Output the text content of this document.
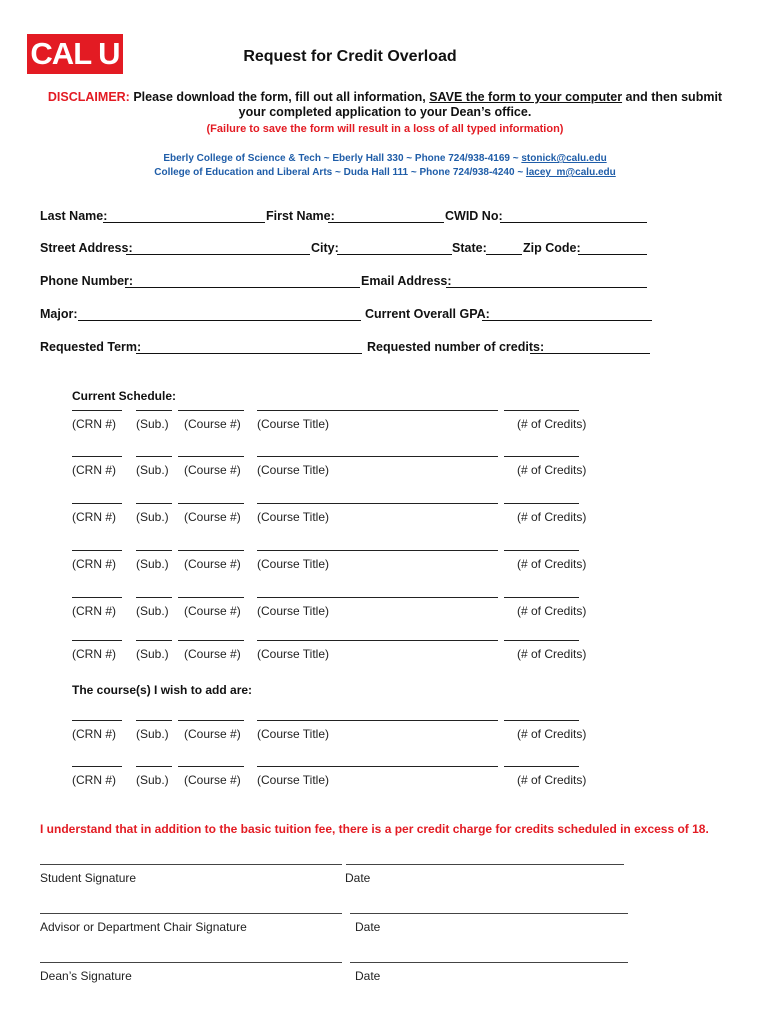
CAL U	Request for Credit Overload
DISCLAIMER: Please download the form, fill out all information, SAVE the form to your computer and then submit your completed application to your Dean’s office.
(Failure to save the form will result in a loss of all typed information)
Eberly College of Science & Tech ~ Eberly Hall 330 ~ Phone 724/938-4169 ~ stonick@calu.edu
College of Education and Liberal Arts ~ Duda Hall 111 ~ Phone 724/938-4240 ~ lacey_m@calu.edu
Last Name:	First Name:	CWID No:
Street Address:	City:	State:	Zip Code:
Phone Number:	Email Address:
Major:	Current Overall GPA:
Requested Term:	Requested number of credits:
Current Schedule:
(CRN #) (Sub.) (Course #) (Course Title)	(# of Credits)
(CRN #) (Sub.) (Course #) (Course Title)	(# of Credits)
(CRN #) (Sub.) (Course #) (Course Title)	(# of Credits)
(CRN #) (Sub.) (Course #) (Course Title)	(# of Credits)
(CRN #) (Sub.) (Course #) (Course Title)	(# of Credits)
(CRN #) (Sub.) (Course #) (Course Title)	(# of Credits)
(CRN #) (Sub.) (Course #) (Course Title)	(# of Credits)
(CRN #) (Sub.) (Course #) (Course Title)	(# of Credits)
The course(s) I wish to add are:
I understand that in addition to the basic tuition fee, there is a per credit charge for credits scheduled in excess of 18.
Student Signature	Date
Advisor or Department Chair Signature	Date
Dean’s Signature	Date
